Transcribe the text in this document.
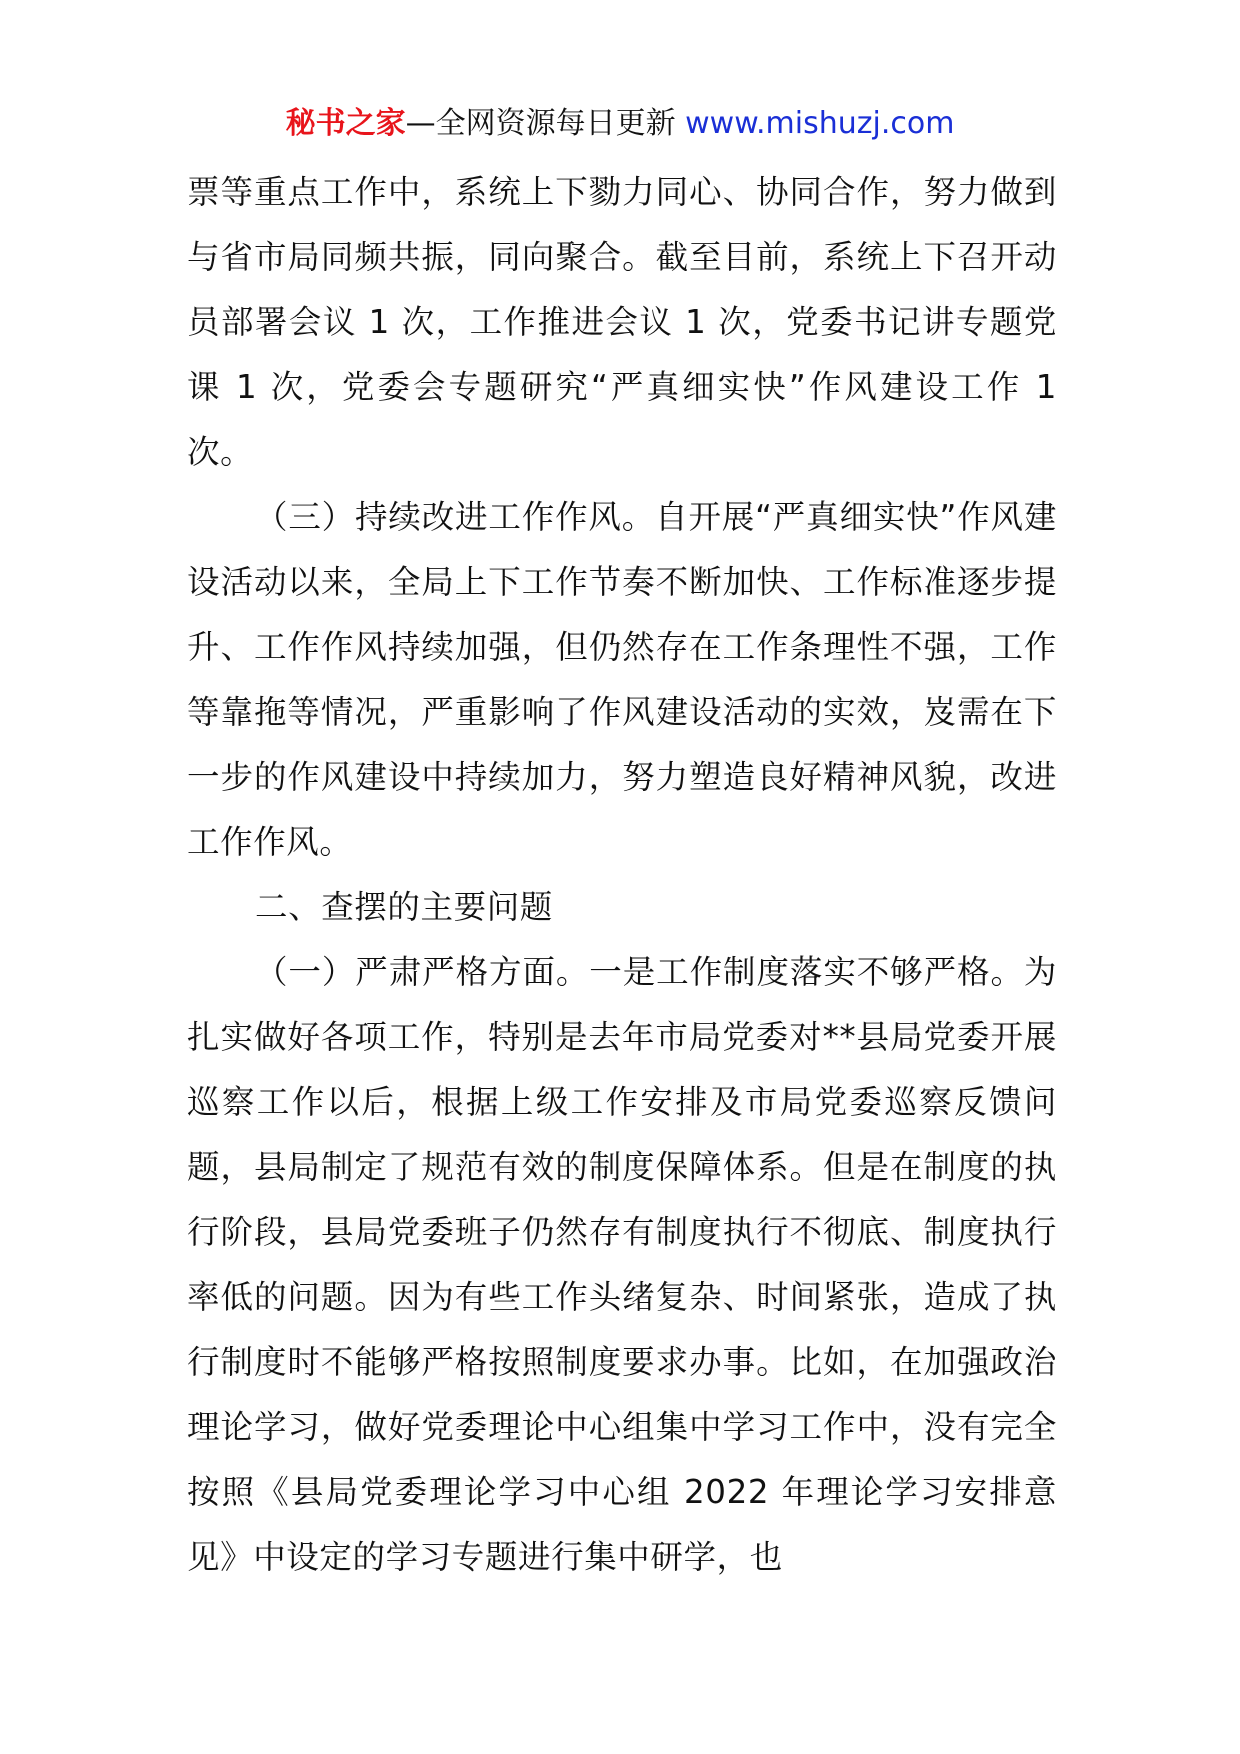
秘书之家—全网资源每日更新 www.mishuzj.com

票等重点工作中，系统上下勠力同心、协同合作，努力做到与省市局同频共振，同向聚合。截至目前，系统上下召开动员部署会议 1 次，工作推进会议 1 次，党委书记讲专题党课 1 次，党委会专题研究“严真细实快”作风建设工作 1 次。

（三）持续改进工作作风。自开展“严真细实快”作风建设活动以来，全局上下工作节奏不断加快、工作标准逐步提升、工作作风持续加强，但仍然存在工作条理性不强，工作等靠拖等情况，严重影响了作风建设活动的实效，岌需在下一步的作风建设中持续加力，努力塑造良好精神风貌，改进工作作风。

二、查摆的主要问题

（一）严肃严格方面。一是工作制度落实不够严格。为扎实做好各项工作，特别是去年市局党委对**县局党委开展巡察工作以后，根据上级工作安排及市局党委巡察反馈问题，县局制定了规范有效的制度保障体系。但是在制度的执行阶段，县局党委班子仍然存有制度执行不彻底、制度执行率低的问题。因为有些工作头绪复杂、时间紧张，造成了执行制度时不能够严格按照制度要求办事。比如，在加强政治理论学习，做好党委理论中心组集中学习工作中，没有完全按照《县局党委理论学习中心组 2022 年理论学习安排意见》中设定的学习专题进行集中研学，也
